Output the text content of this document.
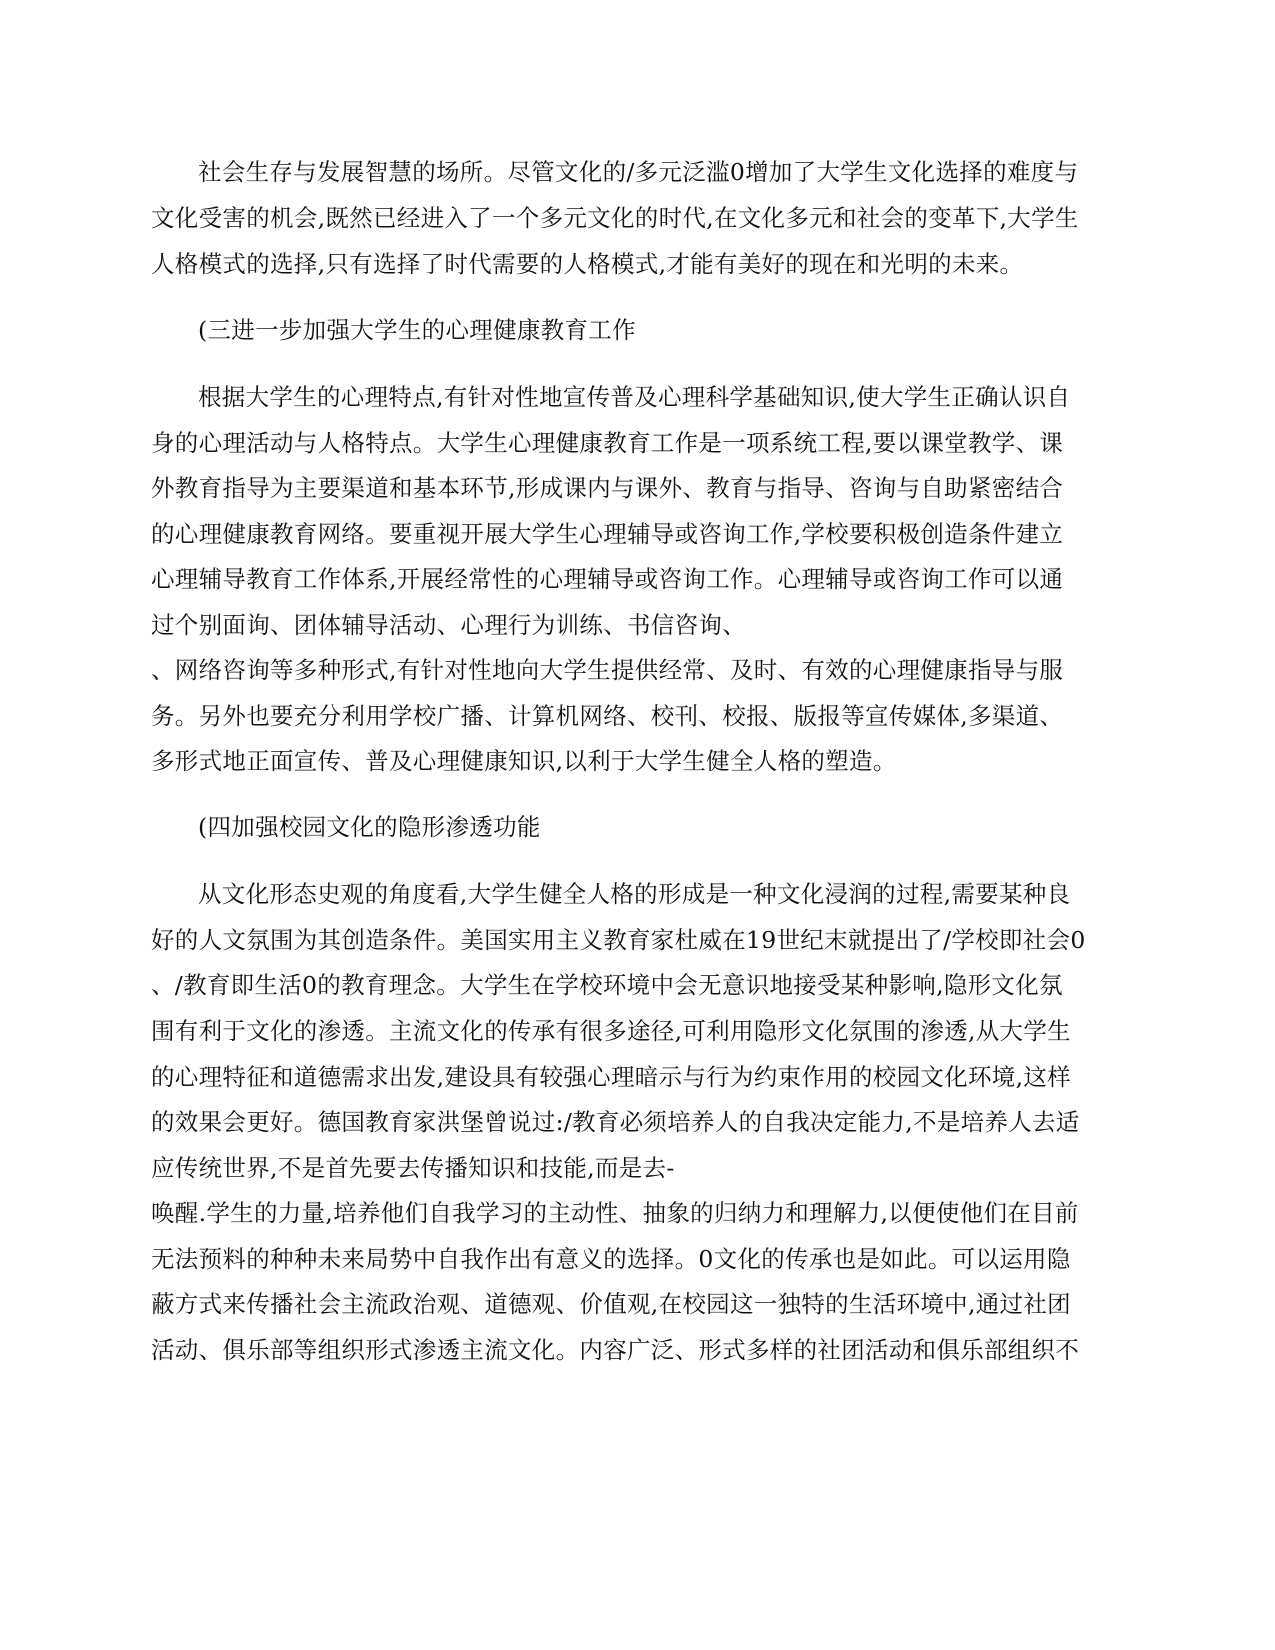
社会生存与发展智慧的场所。尽管文化的/多元泛滥0增加了大学生文化选择的难度与
文化受害的机会,既然已经进入了一个多元文化的时代,在文化多元和社会的变革下,大学生
人格模式的选择,只有选择了时代需要的人格模式,才能有美好的现在和光明的未来。
(三进一步加强大学生的心理健康教育工作
根据大学生的心理特点,有针对性地宣传普及心理科学基础知识,使大学生正确认识自
身的心理活动与人格特点。大学生心理健康教育工作是一项系统工程,要以课堂教学、课
外教育指导为主要渠道和基本环节,形成课内与课外、教育与指导、咨询与自助紧密结合
的心理健康教育网络。要重视开展大学生心理辅导或咨询工作,学校要积极创造条件建立
心理辅导教育工作体系,开展经常性的心理辅导或咨询工作。心理辅导或咨询工作可以通
过个别面询、团体辅导活动、心理行为训练、书信咨询、
、网络咨询等多种形式,有针对性地向大学生提供经常、及时、有效的心理健康指导与服
务。另外也要充分利用学校广播、计算机网络、校刊、校报、版报等宣传媒体,多渠道、
多形式地正面宣传、普及心理健康知识,以利于大学生健全人格的塑造。
(四加强校园文化的隐形渗透功能
从文化形态史观的角度看,大学生健全人格的形成是一种文化浸润的过程,需要某种良
好的人文氛围为其创造条件。美国实用主义教育家杜威在19世纪末就提出了/学校即社会0
、/教育即生活0的教育理念。大学生在学校环境中会无意识地接受某种影响,隐形文化氛
围有利于文化的渗透。主流文化的传承有很多途径,可利用隐形文化氛围的渗透,从大学生
的心理特征和道德需求出发,建设具有较强心理暗示与行为约束作用的校园文化环境,这样
的效果会更好。德国教育家洪堡曾说过:/教育必须培养人的自我决定能力,不是培养人去适
应传统世界,不是首先要去传播知识和技能,而是去-
唤醒.学生的力量,培养他们自我学习的主动性、抽象的归纳力和理解力,以便使他们在目前
无法预料的种种未来局势中自我作出有意义的选择。0文化的传承也是如此。可以运用隐
蔽方式来传播社会主流政治观、道德观、价值观,在校园这一独特的生活环境中,通过社团
活动、俱乐部等组织形式渗透主流文化。内容广泛、形式多样的社团活动和俱乐部组织不
